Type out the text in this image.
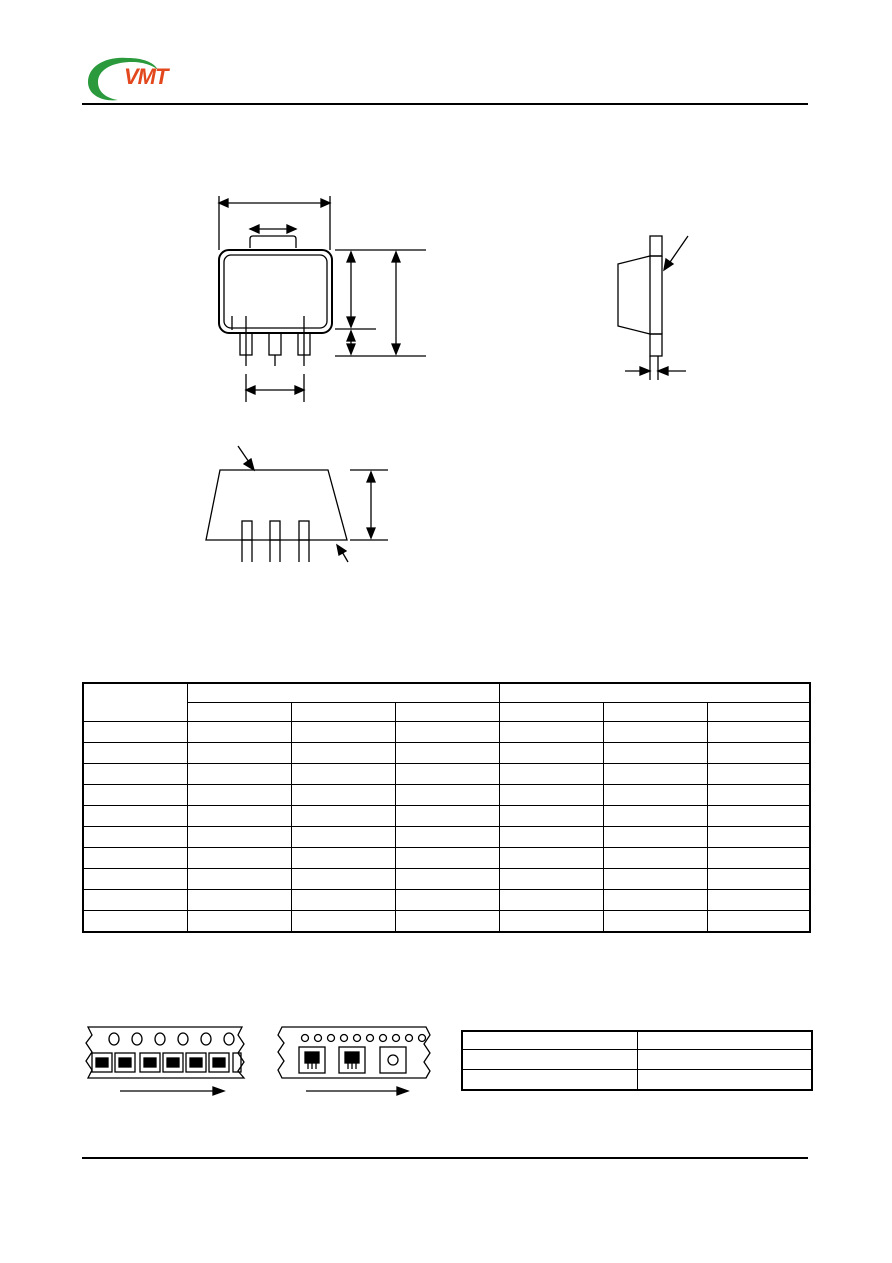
VMT
